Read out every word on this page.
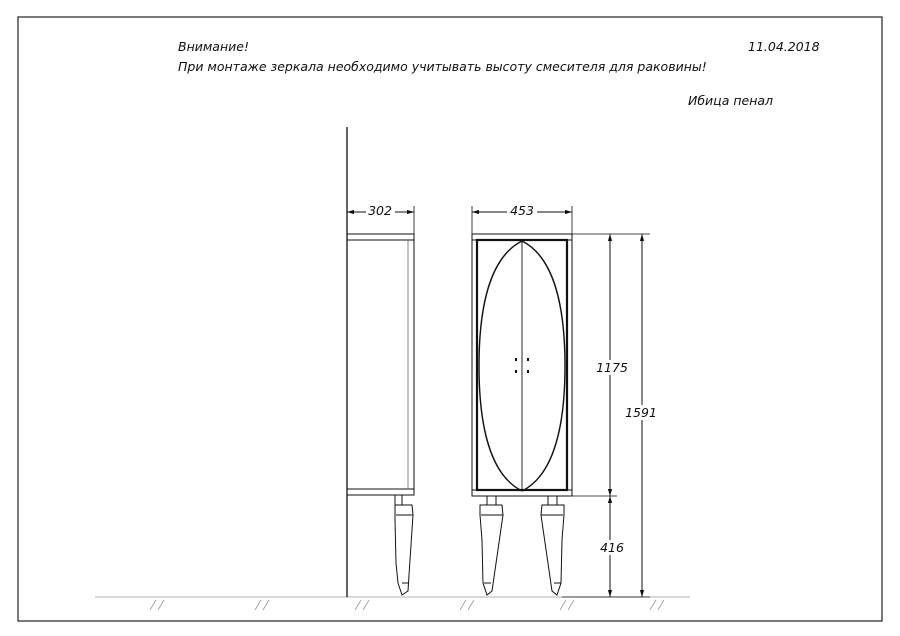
Внимание!
При монтаже зеркала необходимо учитывать высоту смесителя для раковины!
11.04.2018
Ибица пенал
302	453
1175
416
1591
